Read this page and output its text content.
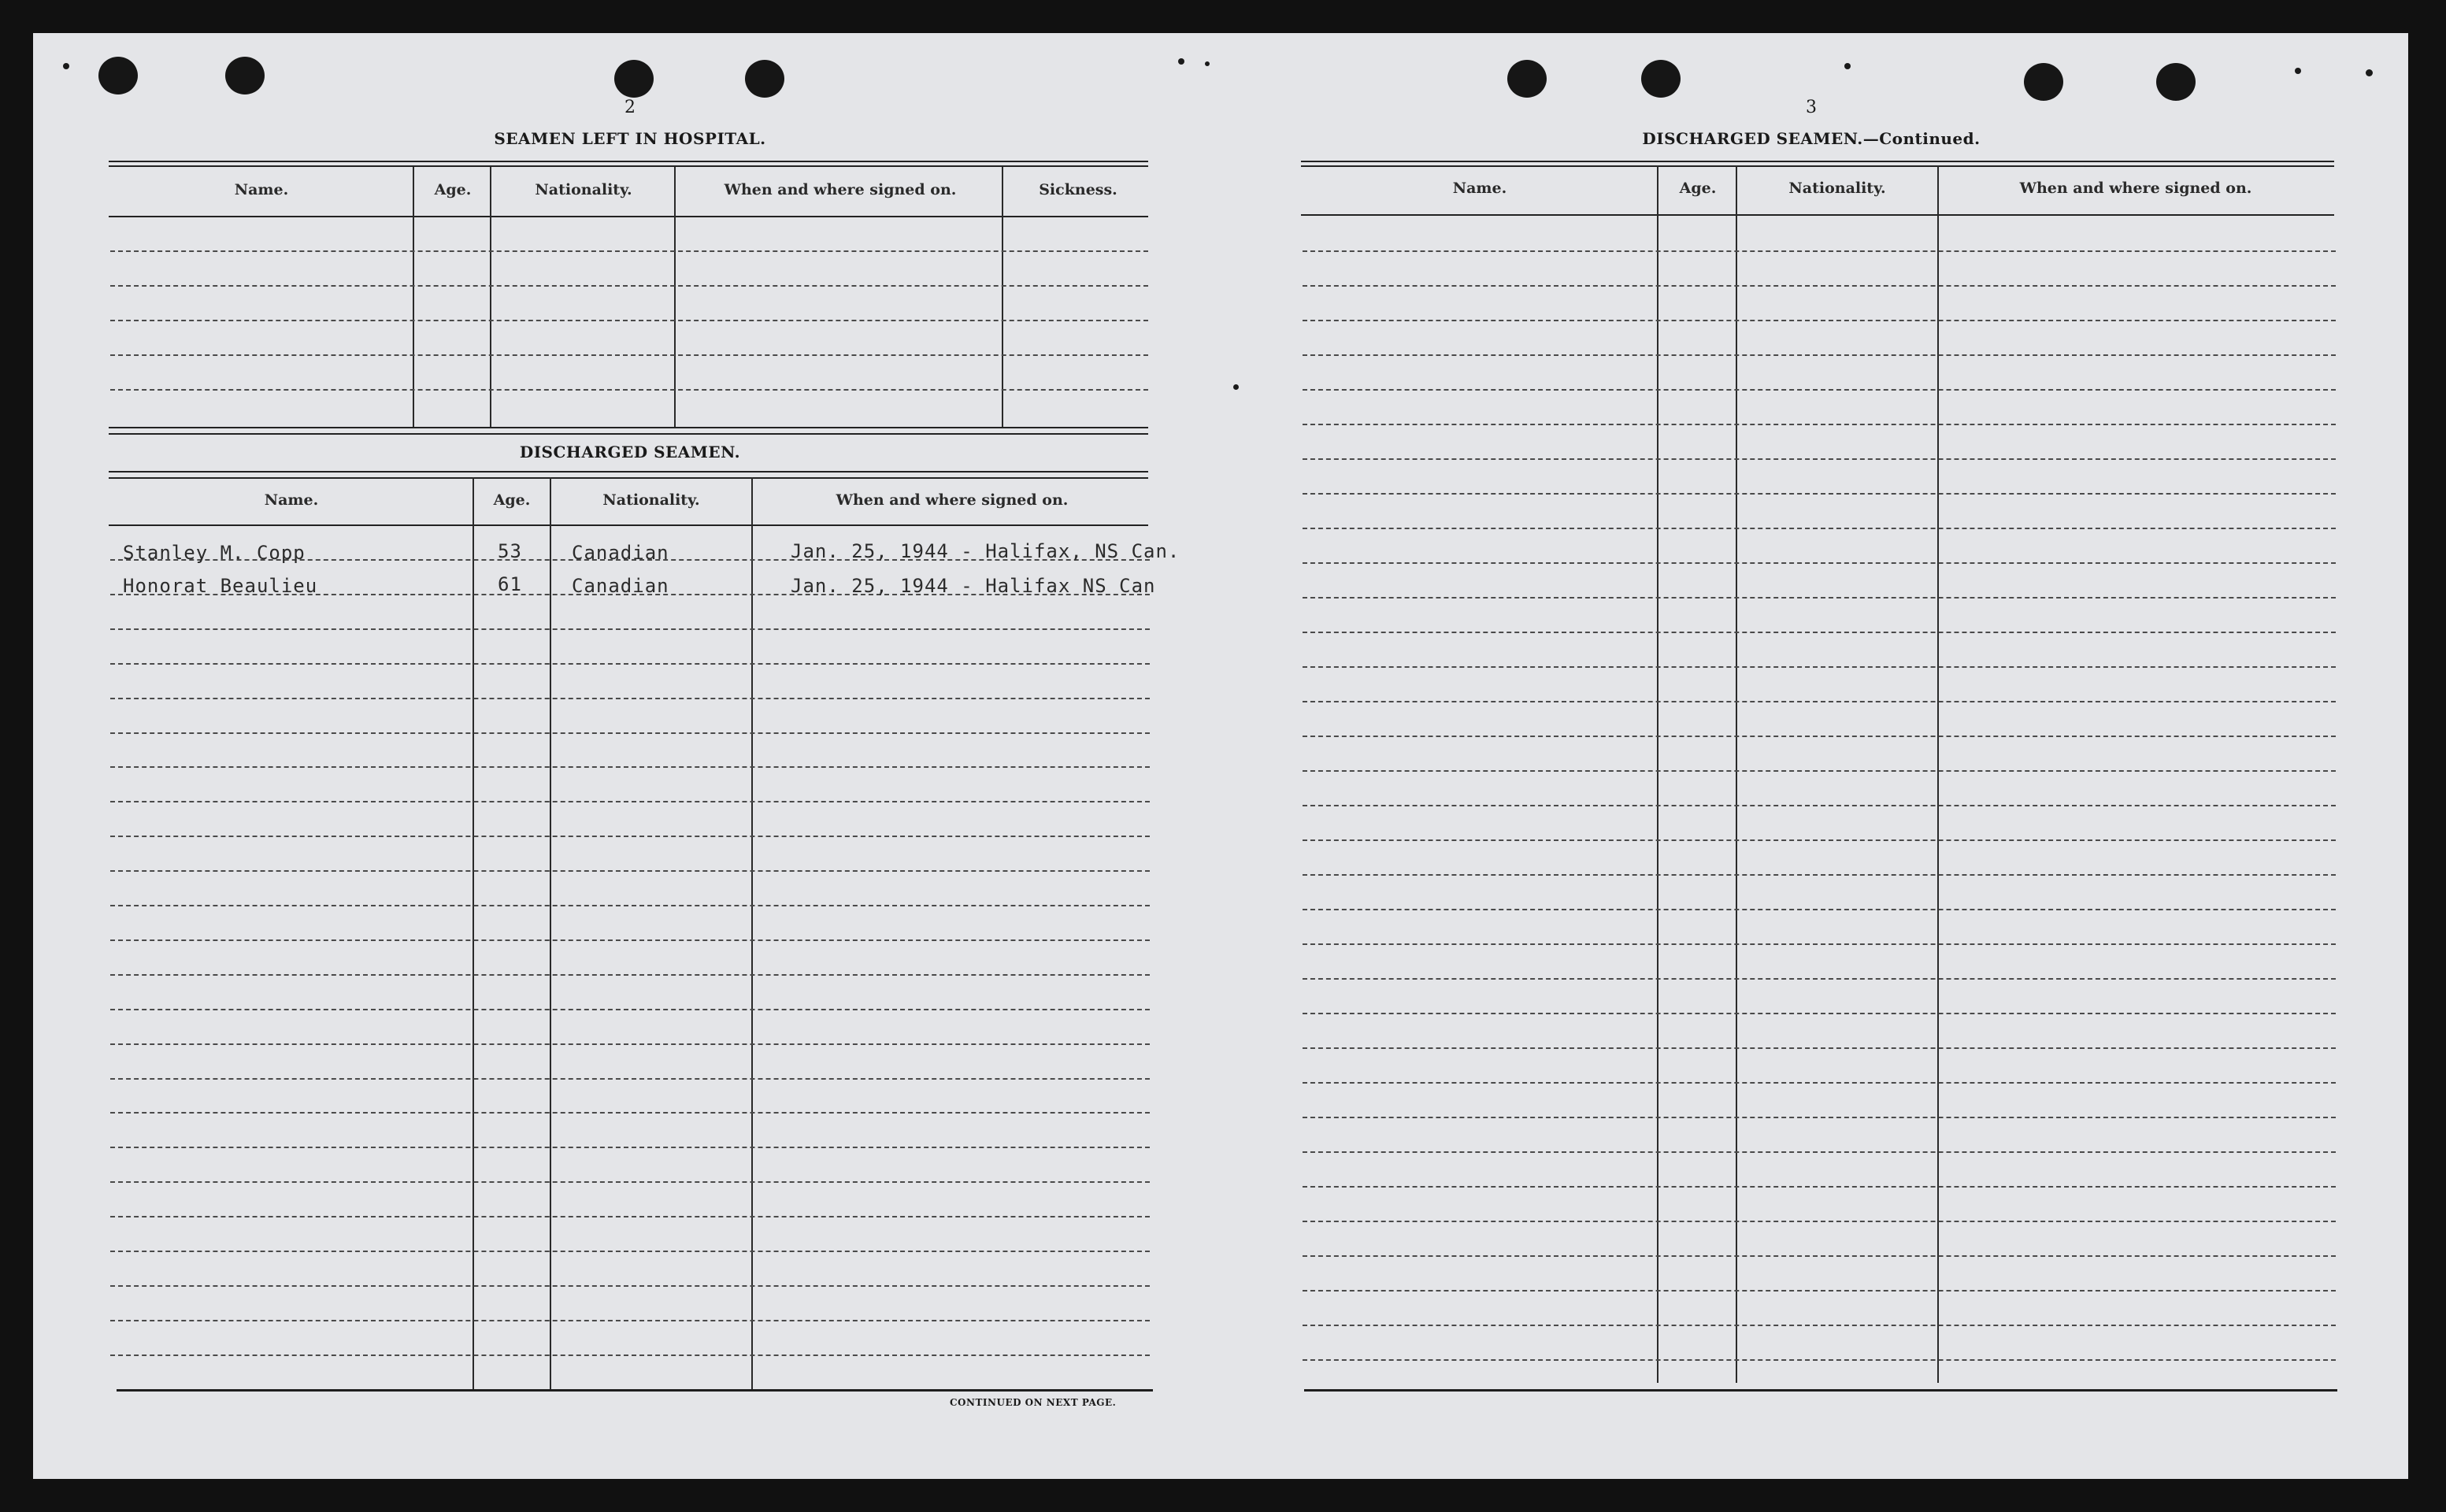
2
SEAMEN LEFT IN HOSPITAL.
Name.	Age.	Nationality.	When and where signed on.	Sickness.
DISCHARGED SEAMEN.
Name.	Age.	Nationality.	When and where signed on.
Stanley M. Copp	53	Canadian	Jan. 25, 1944 - Halifax, NS Can.
Honorat Beaulieu	61	Canadian	Jan. 25, 1944 - Halifax NS Can
CONTINUED ON NEXT PAGE.
3
DISCHARGED SEAMEN.—Continued.
Name.	Age.	Nationality.	When and where signed on.
